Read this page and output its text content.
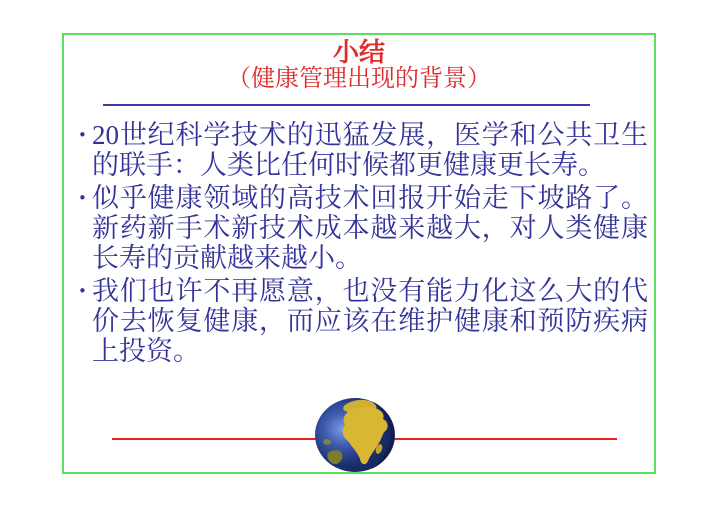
小结
（健康管理出现的背景）
• 20世纪科学技术的迅猛发展，医学和公共卫生的联手：人类比任何时候都更健康更长寿。
• 似乎健康领域的高技术回报开始走下坡路了。新药新手术新技术成本越来越大，对人类健康长寿的贡献越来越小。
• 我们也许不再愿意，也没有能力化这么大的代价去恢复健康，而应该在维护健康和预防疾病上投资。
